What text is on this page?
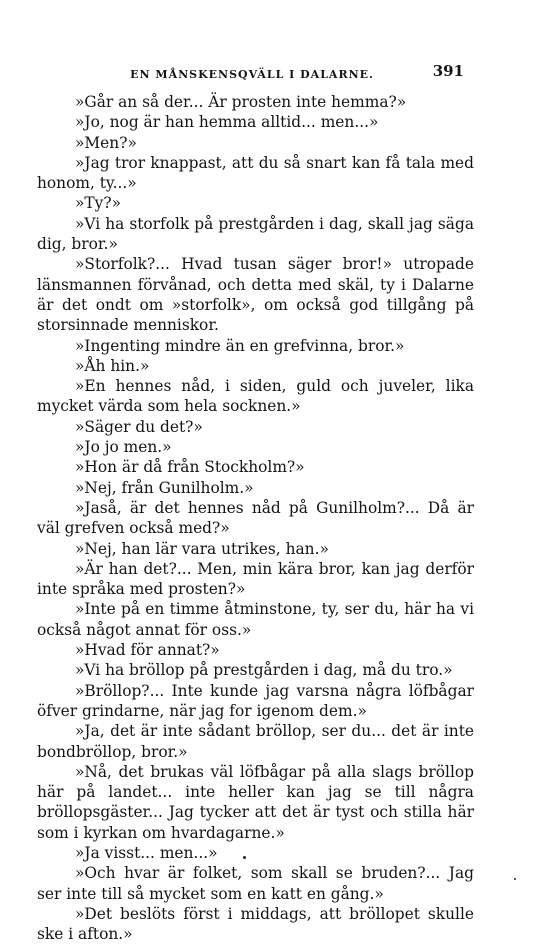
EN MÅNSKENSQVÄLL I DALARNE.	391

»Går an så der... Är prosten inte hemma?»

»Jo, nog är han hemma alltid... men...»

»Men?»

»Jag tror knappast, att du så snart kan få tala med honom, ty...»

»Ty?»

»Vi ha storfolk på prestgården i dag, skall jag säga dig, bror.»

»Storfolk?... Hvad tusan säger bror!» utropade länsmannen förvånad, och detta med skäl, ty i Dalarne är det ondt om »storfolk», om också god tillgång på storsinnade menniskor.

»Ingenting mindre än en grefvinna, bror.»

»Åh hin.»

»En hennes nåd, i siden, guld och juveler, lika mycket värda som hela socknen.»

»Säger du det?»

»Jo jo men.»

»Hon är då från Stockholm?»

»Nej, från Gunilholm.»

»Jaså, är det hennes nåd på Gunilholm?... Då är väl grefven också med?»

»Nej, han lär vara utrikes, han.»

»Är han det?... Men, min kära bror, kan jag derför inte språka med prosten?»

»Inte på en timme åtminstone, ty, ser du, här ha vi också något annat för oss.»

»Hvad för annat?»

»Vi ha bröllop på prestgården i dag, må du tro.»

»Bröllop?... Inte kunde jag varsna några löfbågar öfver grindarne, när jag for igenom dem.»

»Ja, det är inte sådant bröllop, ser du... det är inte bondbröllop, bror.»

»Nå, det brukas väl löfbågar på alla slags bröllop här på landet... inte heller kan jag se till några bröllopsgäster... Jag tycker att det är tyst och stilla här som i kyrkan om hvardagarne.»

»Ja visst... men...»

»Och hvar är folket, som skall se bruden?... Jag ser inte till så mycket som en katt en gång.»

»Det beslöts först i middags, att bröllopet skulle ske i afton.»
